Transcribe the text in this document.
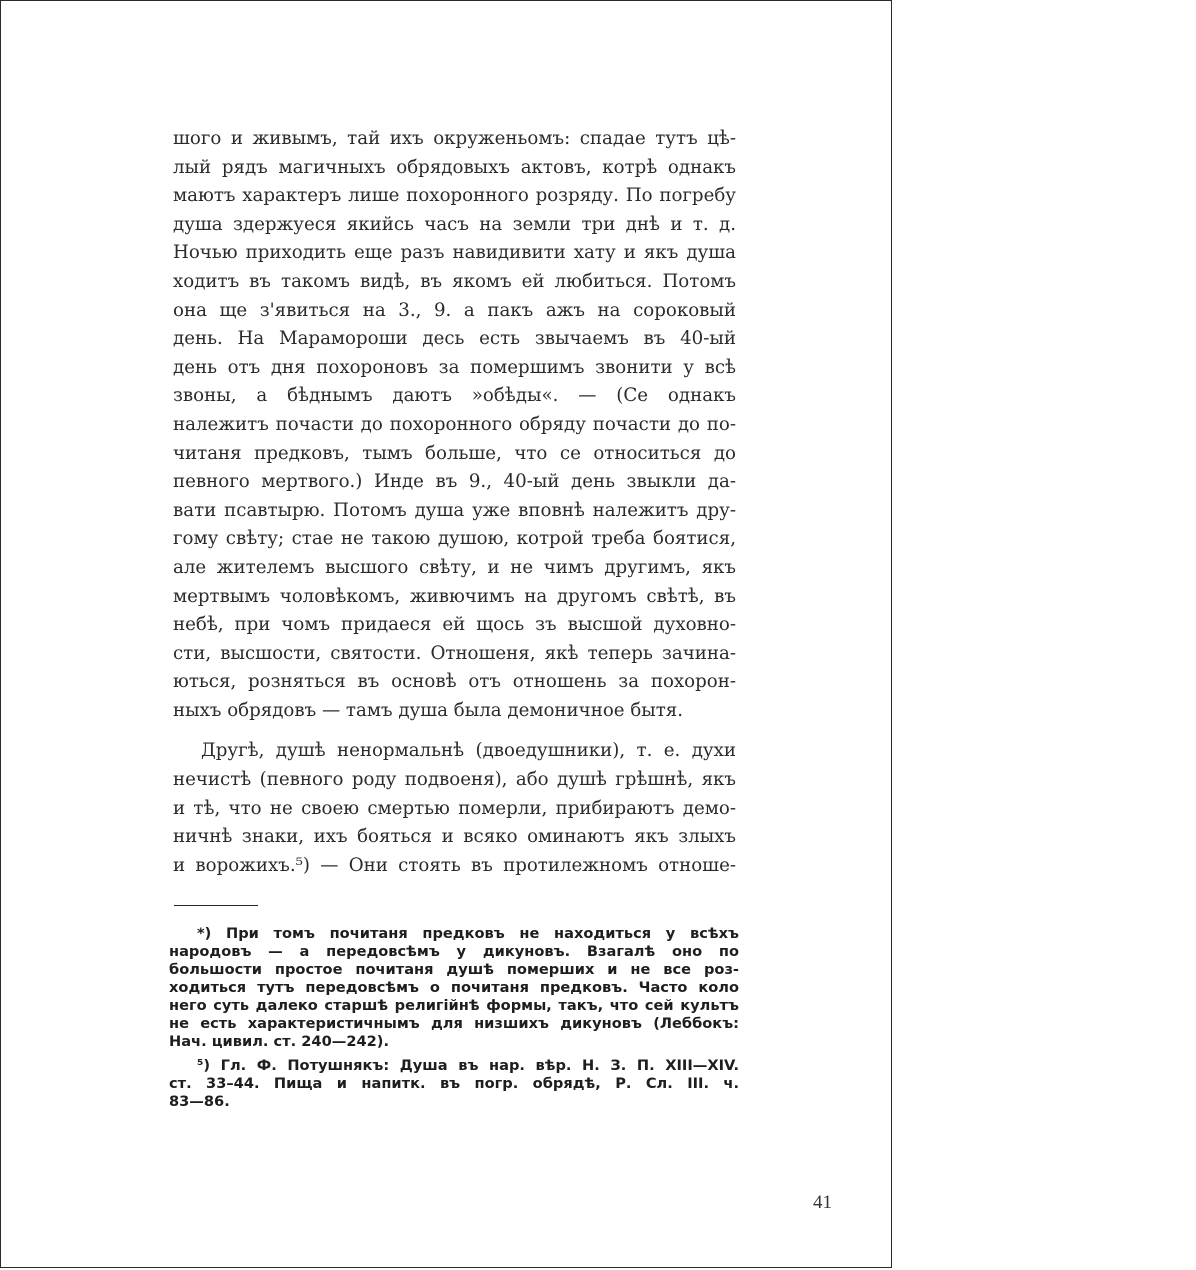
шого и живымъ, тай ихъ окруженьомъ: спадае тутъ цѣ-
лый рядъ магичныхъ обрядовыхъ актовъ, котрѣ однакъ
маютъ характеръ лише похоронного розряду. По погребу
душа здержуеся якийсь часъ на земли три днѣ и т. д.
Ночью приходить еще разъ навидивити хату и якъ душа
ходитъ въ такомъ видѣ, въ якомъ ей любиться. Потомъ
она ще з'явиться на 3., 9. а пакъ ажъ на сороковый
день. На Марамороши десь есть звычаемъ въ 40-ый
день отъ дня похороновъ за помершимъ звонити у всѣ
звоны, а бѣднымъ даютъ »обѣды«. — (Се однакъ
належитъ почасти до похоронного обряду почасти до по-
читаня предковъ, тымъ больше, что се относиться до
певного мертвого.) Инде въ 9., 40-ый день звыкли да-
вати псавтырю. Потомъ душа уже вповнѣ належитъ дру-
гому свѣту; стае не такою душою, котрой треба боятися,
але жителемъ высшого свѣту, и не чимъ другимъ, якъ
мертвымъ чоловѣкомъ, живючимъ на другомъ свѣтѣ, въ
небѣ, при чомъ придаеся ей щось зъ высшой духовно-
сти, высшости, святости. Отношеня, якѣ теперь зачина-
ються, розняться въ основѣ отъ отношень за похорон-
ныхъ обрядовъ — тамъ душа была демоничное бытя.
Другѣ, душѣ ненормальнѣ (двоедушники), т. е. духи
нечистѣ (певного роду подвоеня), або душѣ грѣшнѣ, якъ
и тѣ, что не своею смертью померли, прибираютъ демо-
ничнѣ знаки, ихъ бояться и всяко оминаютъ якъ злыхъ
и ворожихъ.⁵) — Они стоять въ протилежномъ отноше-
*) При томъ почитаня предковъ не находиться у всѣхъ
народовъ — а передовсѣмъ у дикуновъ. Взагалѣ оно по
большости простое почитаня душѣ померших и не все роз-
ходиться тутъ передовсѣмъ о почитаня предковъ. Часто коло
него суть далеко старшѣ религійнѣ формы, такъ, что сей культъ
не есть характеристичнымъ для низшихъ дикуновъ (Леббокъ:
Нач. цивил. ст. 240—242).
⁵) Гл. Ф. Потушнякъ: Душа въ нар. вѣр. Н. З. П. XIII—XIV.
ст. 33–44. Пища и напитк. въ погр. обрядѣ, Р. Сл. III. ч.
83—86.
41
